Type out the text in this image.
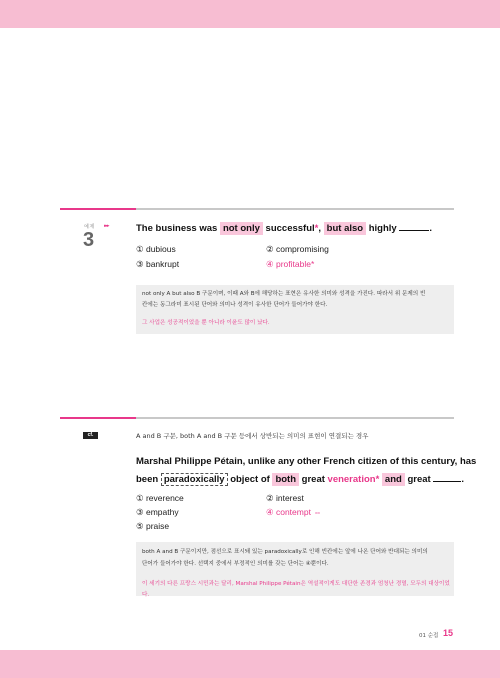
예제 ▸▸▸
3
The business was not only successful*, but also highly	.
① dubious	② compromising
③ bankrupt	④ profitable*

not only A but also B 구문이며, 이때 A와 B에 해당하는 표현은 유사한 의미와 성격을 가진다. 따라서 위 문제의 빈

칸에는 동그라미 표시된 단어와 의미나 성격이 유사한 단어가 들어가야 한다.

그 사업은 성공적이었을 뿐 아니라 이윤도 많이 났다.

cf.	A and B 구문, both A and B 구문 등에서 상반되는 의미의 표현이 연결되는 경우
Marshal Philippe Pétain, unlike any other French citizen of this century, has
been paradoxically object of both great veneration* and great	.
① reverence	② interest
③ empathy	④ contempt ⇔
⑤ praise

both A and B 구문이지만, 점선으로 표시돼 있는 paradoxically로 인해 빈칸에는 앞에 나온 단어와 반대되는 의미의

단어가 들어가야 한다. 선택지 중에서 부정적인 의미를 갖는 단어는 ④뿐이다.

이 세기의 다른 프랑스 시민과는 달리, Marshal Philippe Pétain은 역설적이게도 대단한 존경과 엄청난 경멸, 모두의 대상이었다.

01 순접 15
